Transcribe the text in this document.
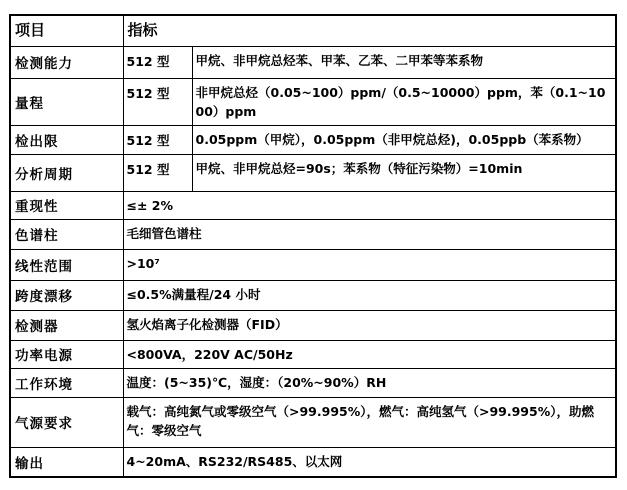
项目	指标	
检测能力	512 型	甲烷、非甲烷总烃苯、甲苯、乙苯、二甲苯等苯系物
量程	512 型	非甲烷总烃（0.05~100）ppm/（0.5~10000）ppm，苯（0.1~1000）ppm
检出限	512 型	0.05ppm（甲烷），0.05ppm（非甲烷总烃)，0.05ppb（苯系物）
分析周期	512 型	甲烷、非甲烷总烃=90s；苯系物（特征污染物）=10min
重现性	≤± 2%	
色谱柱	毛细管色谱柱	
线性范围	>10⁷	
跨度漂移	≤0.5%满量程/24 小时	
检测器	氢火焰离子化检测器（FID）	
功率电源	<800VA，220V AC/50Hz	
工作环境	温度：(5~35)℃，湿度：（20%~90%）RH	
气源要求	载气：高纯氮气或零级空气（>99.995%），燃气：高纯氢气（>99.995%），助燃气：零级空气	
输出	4~20mA、RS232/RS485、以太网	
